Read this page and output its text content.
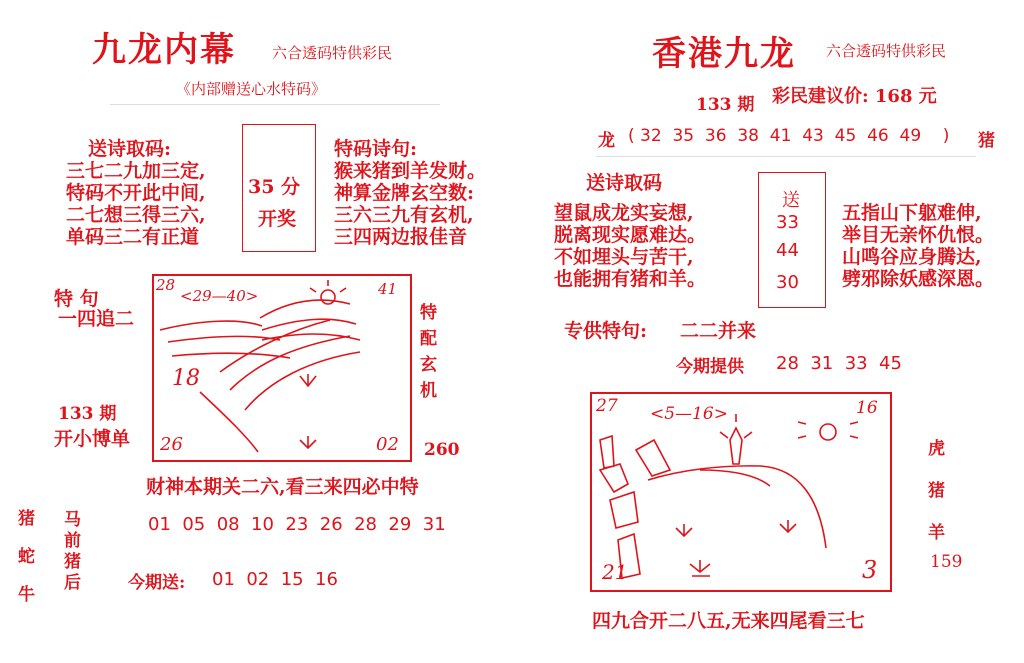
九龙内幕 六合透码特供彩民
《内部赠送心水特码》
送诗取码:
三七二九加三定,
特码不开此中间,
二七想三得三六,
单码三二有正道
35 分
开奖
特码诗句:
猴来猪到羊发财。
神算金牌玄空数:
三六三九有玄机,
三四两边报佳音
特 句
一四追二
133 期
开小博单
28
<29—40>	41
18
26	02
特
配
玄
机
260
财神本期关二六,看三来四必中特
猪
蛇
牛
马
前
猪
后
01  05  08  10  23  26  28  29  31
今期送: 01  02  15  16
香港九龙 六合透码特供彩民
133 期 彩民建议价: 168 元
龙 ( 32  35  36  38  41  43  45  46  49    ) 猪
送诗取码
望鼠成龙实妄想,
脱离现实愿难达。
不如埋头与苦干,
也能拥有猪和羊。
送
33
44
30
五指山下躯难伸,
举目无亲怀仇恨。
山鸣谷应身腾达,
劈邪除妖感深恩。
专供特句: 二二并来
今期提供 28  31  33  45
27 <5—16>	16
21	3
虎
猪
羊
159
四九合开二八五,无来四尾看三七
